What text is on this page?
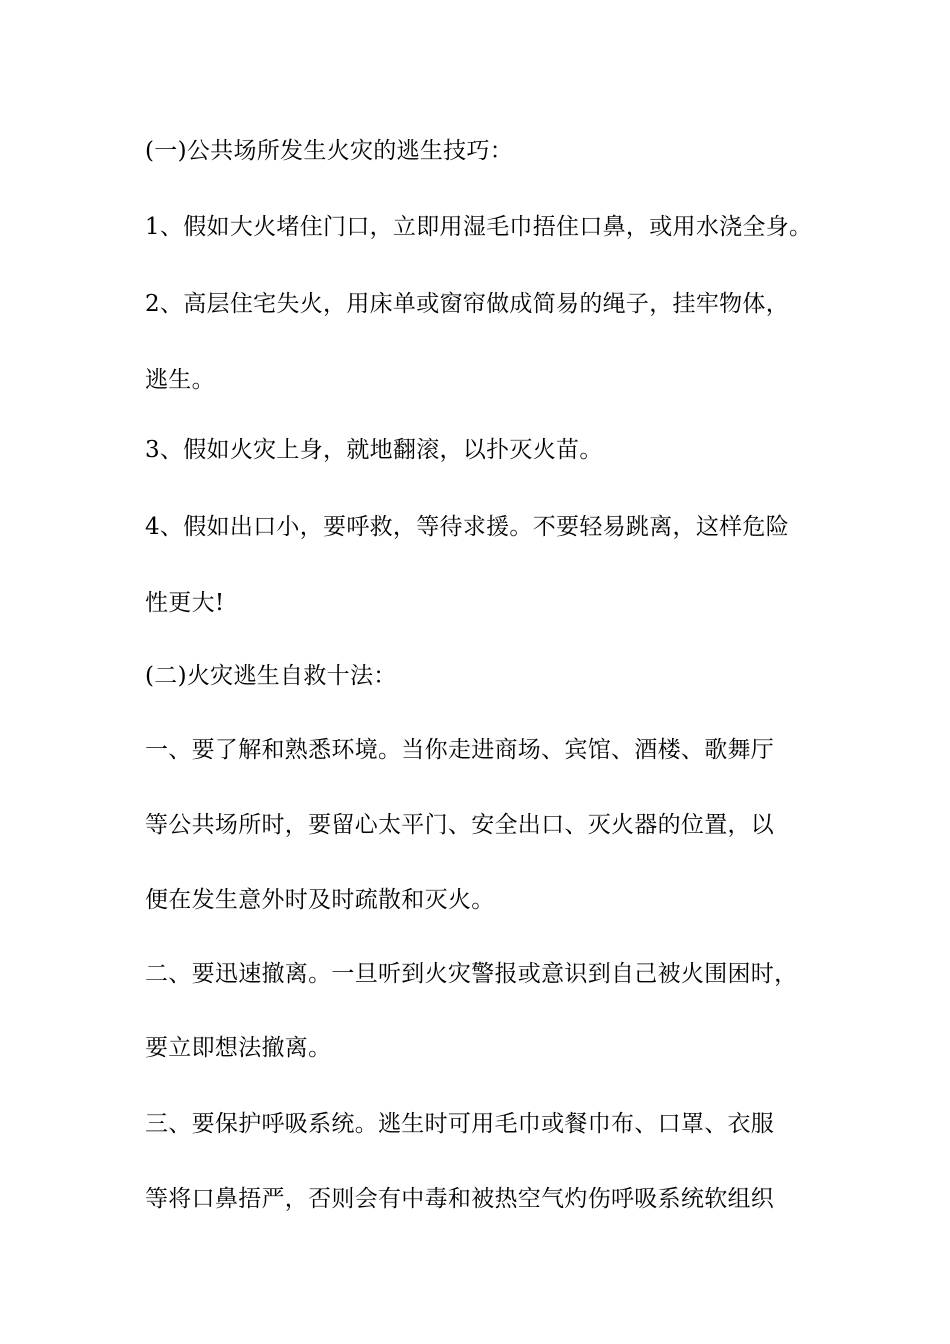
(一)公共场所发生火灾的逃生技巧：

1、假如大火堵住门口，立即用湿毛巾捂住口鼻，或用水浇全身。

2、高层住宅失火，用床单或窗帘做成简易的绳子，挂牢物体，

逃生。

3、假如火灾上身，就地翻滚，以扑灭火苗。

4、假如出口小，要呼救，等待求援。不要轻易跳离，这样危险

性更大!

(二)火灾逃生自救十法：

一、要了解和熟悉环境。当你走进商场、宾馆、酒楼、歌舞厅

等公共场所时，要留心太平门、安全出口、灭火器的位置，以

便在发生意外时及时疏散和灭火。

二、要迅速撤离。一旦听到火灾警报或意识到自己被火围困时，

要立即想法撤离。

三、要保护呼吸系统。逃生时可用毛巾或餐巾布、口罩、衣服

等将口鼻捂严，否则会有中毒和被热空气灼伤呼吸系统软组织
